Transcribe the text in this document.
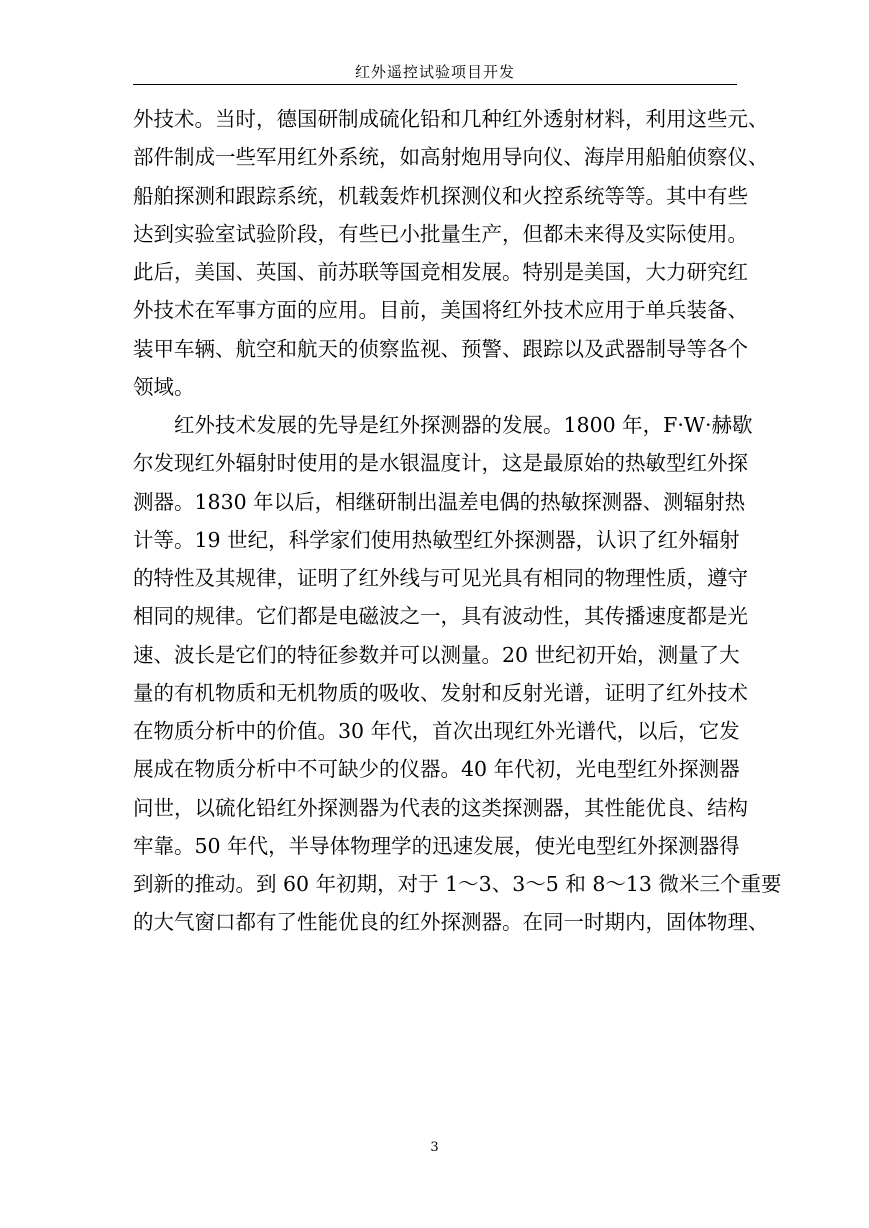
红外遥控试验项目开发
外技术。当时，德国研制成硫化铅和几种红外透射材料，利用这些元、
部件制成一些军用红外系统，如高射炮用导向仪、海岸用船舶侦察仪、
船舶探测和跟踪系统，机载轰炸机探测仪和火控系统等等。其中有些
达到实验室试验阶段，有些已小批量生产，但都未来得及实际使用。
此后，美国、英国、前苏联等国竞相发展。特别是美国，大力研究红
外技术在军事方面的应用。目前，美国将红外技术应用于单兵装备、
装甲车辆、航空和航天的侦察监视、预警、跟踪以及武器制导等各个
领域。
红外技术发展的先导是红外探测器的发展。1800 年，F·W·赫歇
尔发现红外辐射时使用的是水银温度计，这是最原始的热敏型红外探
测器。1830 年以后，相继研制出温差电偶的热敏探测器、测辐射热
计等。19 世纪，科学家们使用热敏型红外探测器，认识了红外辐射
的特性及其规律，证明了红外线与可见光具有相同的物理性质，遵守
相同的规律。它们都是电磁波之一，具有波动性，其传播速度都是光
速、波长是它们的特征参数并可以测量。20 世纪初开始，测量了大
量的有机物质和无机物质的吸收、发射和反射光谱，证明了红外技术
在物质分析中的价值。30 年代，首次出现红外光谱代，以后，它发
展成在物质分析中不可缺少的仪器。40 年代初，光电型红外探测器
问世，以硫化铅红外探测器为代表的这类探测器，其性能优良、结构
牢靠。50 年代，半导体物理学的迅速发展，使光电型红外探测器得
到新的推动。到 60 年初期，对于 1～3、3～5 和 8～13 微米三个重要
的大气窗口都有了性能优良的红外探测器。在同一时期内，固体物理、
3
